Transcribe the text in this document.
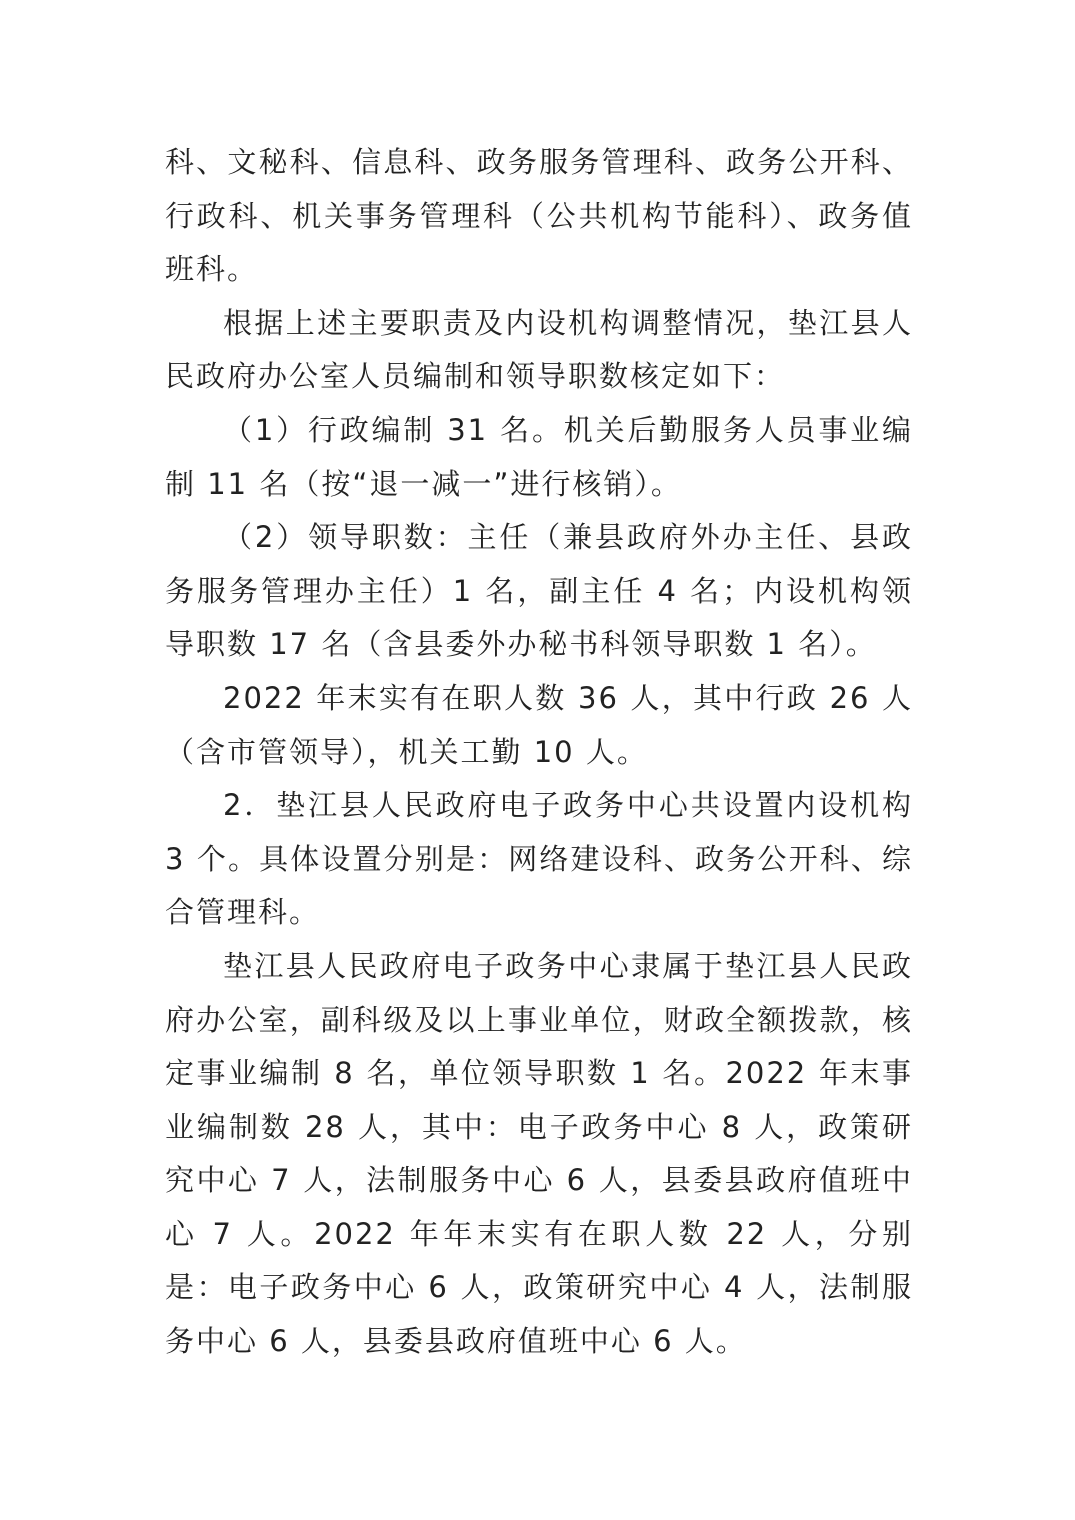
科、文秘科、信息科、政务服务管理科、政务公开科、行政科、机关事务管理科（公共机构节能科）、政务值班科。

根据上述主要职责及内设机构调整情况，垫江县人民政府办公室人员编制和领导职数核定如下：

（1）行政编制 31 名。机关后勤服务人员事业编制 11 名（按“退一减一”进行核销）。

（2）领导职数：主任（兼县政府外办主任、县政务服务管理办主任）1 名，副主任 4 名；内设机构领导职数 17 名（含县委外办秘书科领导职数 1 名）。

2022 年末实有在职人数 36 人，其中行政 26 人（含市管领导），机关工勤 10 人。

2．垫江县人民政府电子政务中心共设置内设机构 3 个。具体设置分别是：网络建设科、政务公开科、综合管理科。

垫江县人民政府电子政务中心隶属于垫江县人民政府办公室，副科级及以上事业单位，财政全额拨款，核定事业编制 8 名，单位领导职数 1 名。2022 年末事业编制数 28 人，其中：电子政务中心 8 人，政策研究中心 7 人，法制服务中心 6 人，县委县政府值班中心 7 人。2022 年年末实有在职人数 22 人，分别是：电子政务中心 6 人，政策研究中心 4 人，法制服务中心 6 人，县委县政府值班中心 6 人。
